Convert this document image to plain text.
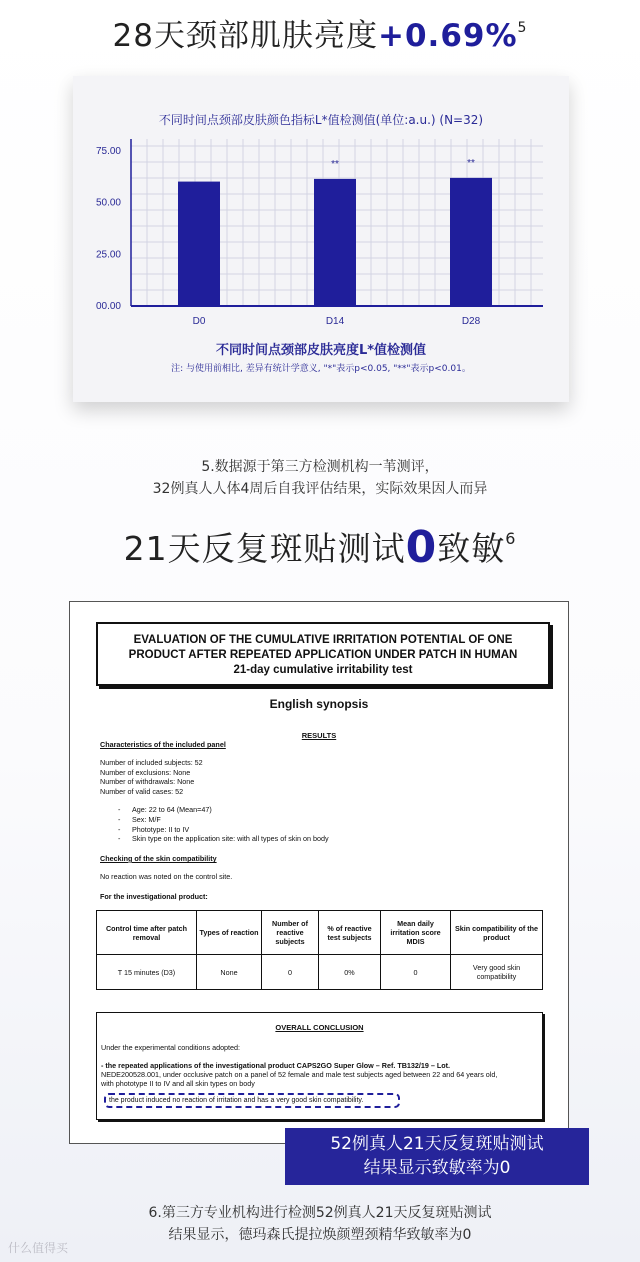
28天颈部肌肤亮度+0.69%$^5$
不同时间点颈部皮肤颜色指标L*值检测值(单位:a.u.) (N=32)
00.00
25.00
50.00
75.00
D0	D14
**
D28
**
不同时间点颈部皮肤亮度L*值检测值
注: 与使用前相比, 差异有统计学意义, "*"表示p<0.05, "**"表示p<0.01。
5.数据源于第三方检测机构一苇测评，
32例真人人体4周后自我评估结果，实际效果因人而异
21天反复斑贴测试0致敏$^6$
EVALUATION OF THE CUMULATIVE IRRITATION POTENTIAL OF ONE
PRODUCT AFTER REPEATED APPLICATION UNDER PATCH IN HUMAN
21-day cumulative irritability test
English synopsis
RESULTS
Characteristics of the included panel
Number of included subjects: 52
Number of exclusions: None
Number of withdrawals: None
Number of valid cases: 52
- Age: 22 to 64 (Mean=47)
- Sex: M/F
- Phototype: II to IV
- Skin type on the application site: with all types of skin on body
Checking of the skin compatibility
No reaction was noted on the control site.
For the investigational product:
Control time after patch removal	Types of reaction	Number of reactive subjects	% of reactive test subjects	Mean daily irritation score MDIS	Skin compatibility of the product
T 15 minutes (D3)	None	0	0%	0	Very good skin compatibility
OVERALL CONCLUSION
Under the experimental conditions adopted:
- the repeated applications of the investigational product CAPS2GO Super Glow – Ref. TB132/19 – Lot.
NEDE200528.001, under occlusive patch on a panel of 52 female and male test subjects aged between 22 and 64 years old,
with phototype II to IV and all skin types on body
the product induced no reaction of irritation and has a very good skin compatibility.
52例真人21天反复斑贴测试
结果显示致敏率为0
6.第三方专业机构进行检测52例真人21天反复斑贴测试
结果显示，德玛森氏提拉焕颜塑颈精华致敏率为0
什么值得买
